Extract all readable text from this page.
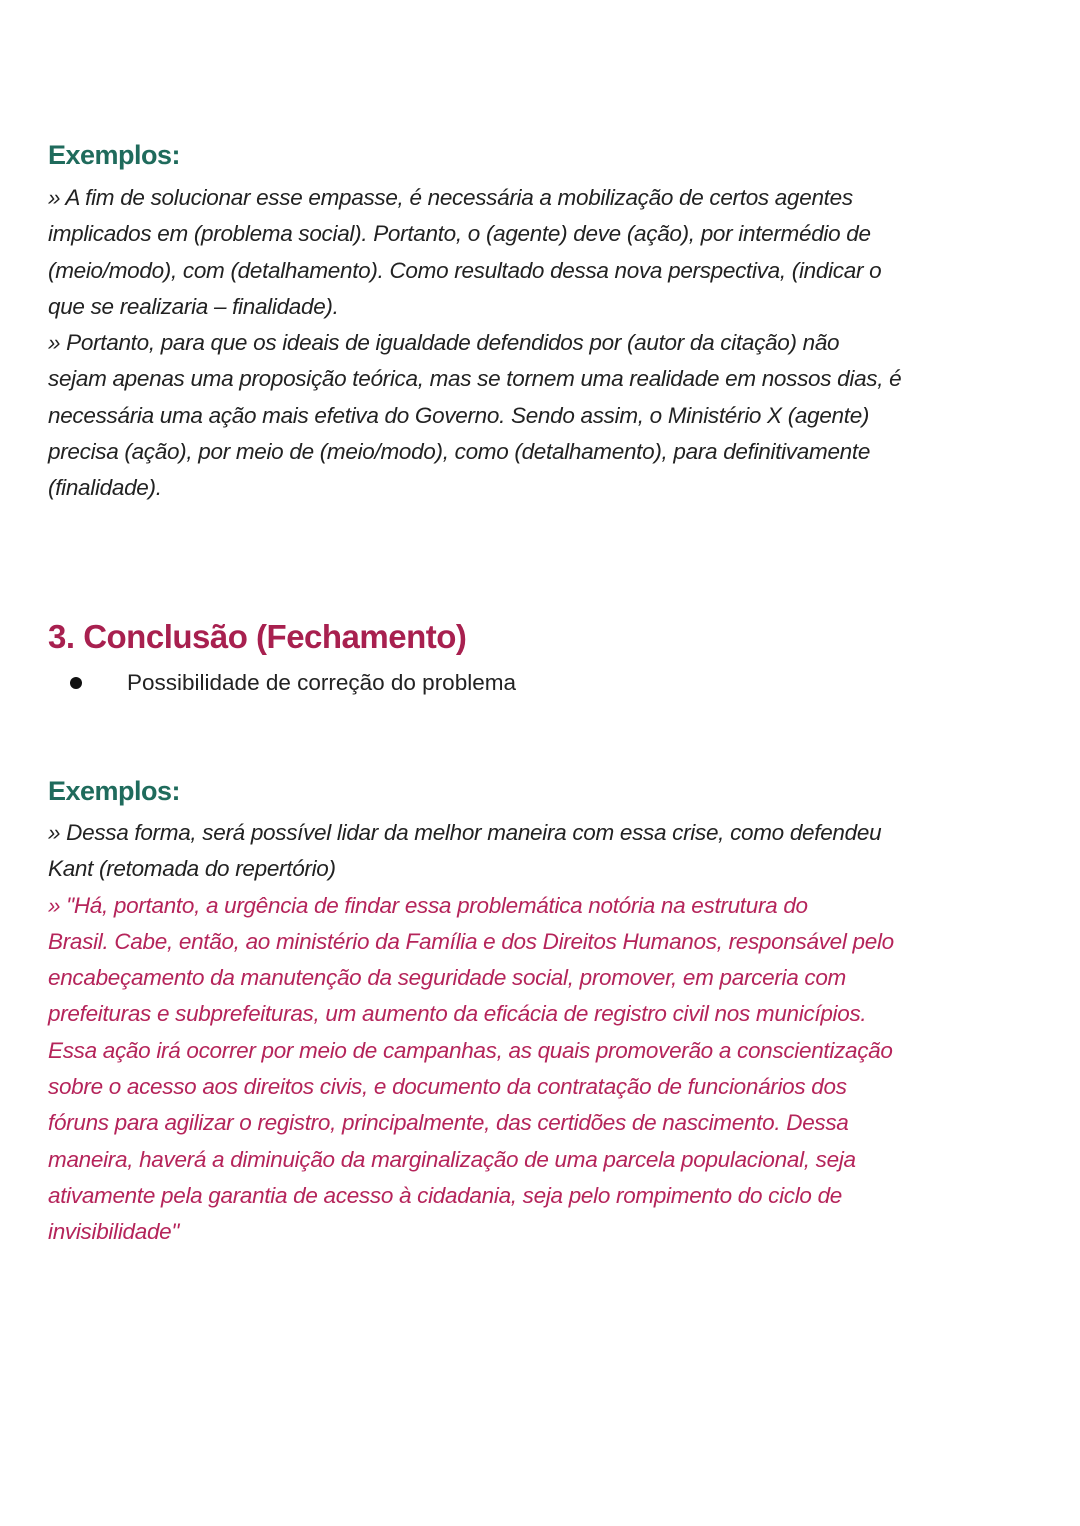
Exemplos:
» A fim de solucionar esse empasse, é necessária a mobilização de certos agentes
implicados em (problema social). Portanto, o (agente) deve (ação), por intermédio de
(meio/modo), com (detalhamento). Como resultado dessa nova perspectiva, (indicar o
que se realizaria – finalidade).
» Portanto, para que os ideais de igualdade defendidos por (autor da citação) não
sejam apenas uma proposição teórica, mas se tornem uma realidade em nossos dias, é
necessária uma ação mais efetiva do Governo. Sendo assim, o Ministério X (agente)
precisa (ação), por meio de (meio/modo), como (detalhamento), para definitivamente
(finalidade).
3. Conclusão (Fechamento)
Possibilidade de correção do problema
Exemplos:
» Dessa forma, será possível lidar da melhor maneira com essa crise, como defendeu
Kant (retomada do repertório)
» "Há, portanto, a urgência de findar essa problemática notória na estrutura do
Brasil. Cabe, então, ao ministério da Família e dos Direitos Humanos, responsável pelo
encabeçamento da manutenção da seguridade social, promover, em parceria com
prefeituras e subprefeituras, um aumento da eficácia de registro civil nos municípios.
Essa ação irá ocorrer por meio de campanhas, as quais promoverão a conscientização
sobre o acesso aos direitos civis, e documento da contratação de funcionários dos
fóruns para agilizar o registro, principalmente, das certidões de nascimento. Dessa
maneira, haverá a diminuição da marginalização de uma parcela populacional, seja
ativamente pela garantia de acesso à cidadania, seja pelo rompimento do ciclo de
invisibilidade"
